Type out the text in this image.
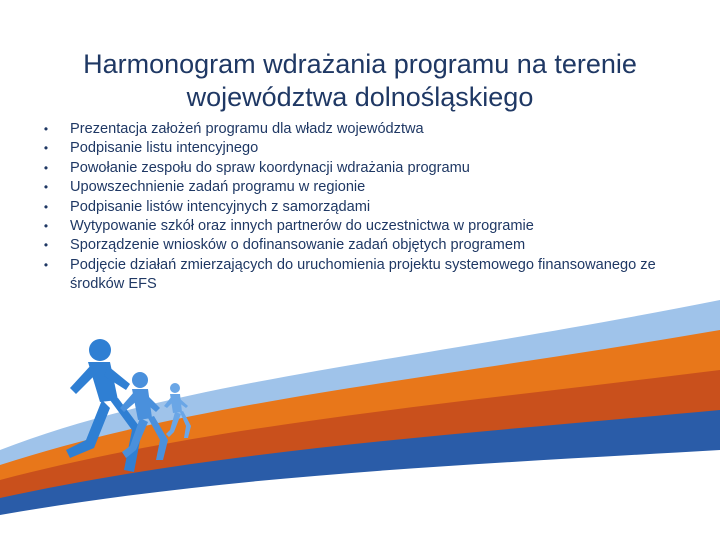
Harmonogram wdrażania programu na terenie
województwa dolnośląskiego
• Prezentacja założeń programu dla władz województwa
• Podpisanie listu intencyjnego
• Powołanie zespołu do spraw koordynacji wdrażania programu
• Upowszechnienie zadań programu w regionie
• Podpisanie listów intencyjnych z samorządami
• Wytypowanie szkół oraz innych partnerów do uczestnictwa w programie
• Sporządzenie wniosków o dofinansowanie zadań objętych programem
• Podjęcie działań zmierzających do uruchomienia projektu systemowego finansowanego ze środków EFS
